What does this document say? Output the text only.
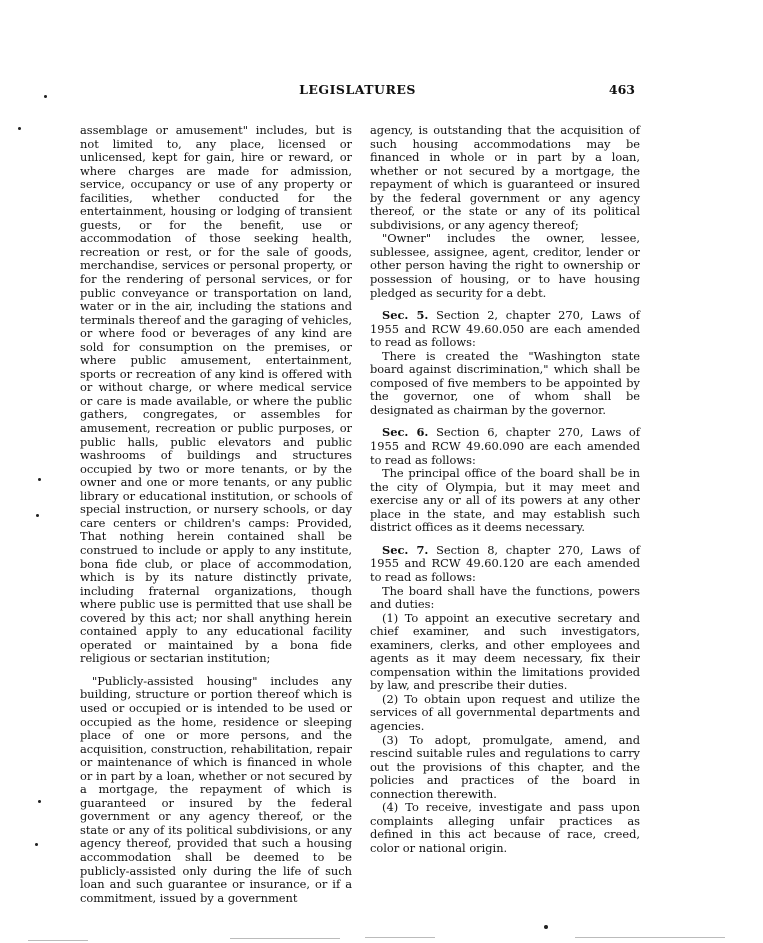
LEGISLATURES	463

assemblage or amusement" includes, but is not limited to, any place, licensed or unlicensed, kept for gain, hire or reward, or where charges are made for admission, service, occupancy or use of any property or facilities, whether conducted for the entertainment, housing or lodging of transient guests, or for the benefit, use or accommodation of those seeking health, recreation or rest, or for the sale of goods, merchandise, services or personal property, or for the rendering of personal services, or for public conveyance or transportation on land, water or in the air, including the stations and terminals thereof and the garaging of vehicles, or where food or beverages of any kind are sold for consumption on the premises, or where public amusement, entertainment, sports or recreation of any kind is offered with or without charge, or where medical service or care is made available, or where the public gathers, congregates, or assembles for amusement, recreation or public purposes, or public halls, public elevators and public washrooms of buildings and structures occupied by two or more tenants, or by the owner and one or more tenants, or any public library or educational institution, or schools of special instruction, or nursery schools, or day care centers or children's camps: Provided, That nothing herein contained shall be construed to include or apply to any institute, bona fide club, or place of accommodation, which is by its nature distinctly private, including fraternal organizations, though where public use is permitted that use shall be covered by this act; nor shall anything herein contained apply to any educational facility operated or maintained by a bona fide religious or sectarian institution;

"Publicly-assisted housing" includes any building, structure or portion thereof which is used or occupied or is intended to be used or occupied as the home, residence or sleeping place of one or more persons, and the acquisition, construction, rehabilitation, repair or maintenance of which is financed in whole or in part by a loan, whether or not secured by a mortgage, the repayment of which is guaranteed or insured by the federal government or any agency thereof, or the state or any of its political subdivisions, or any agency thereof, provided that such a housing accommodation shall be deemed to be publicly-assisted only during the life of such loan and such guarantee or insurance, or if a commitment, issued by a government

agency, is outstanding that the acquisition of such housing accommodations may be financed in whole or in part by a loan, whether or not secured by a mortgage, the repayment of which is guaranteed or insured by the federal government or any agency thereof, or the state or any of its political subdivisions, or any agency thereof;

"Owner" includes the owner, lessee, sublessee, assignee, agent, creditor, lender or other person having the right to ownership or possession of housing, or to have housing pledged as security for a debt.

Sec. 5. Section 2, chapter 270, Laws of 1955 and RCW 49.60.050 are each amended to read as follows:

There is created the "Washington state board against discrimination," which shall be composed of five members to be appointed by the governor, one of whom shall be designated as chairman by the governor.

Sec. 6. Section 6, chapter 270, Laws of 1955 and RCW 49.60.090 are each amended to read as follows:

The principal office of the board shall be in the city of Olympia, but it may meet and exercise any or all of its powers at any other place in the state, and may establish such district offices as it deems necessary.

Sec. 7. Section 8, chapter 270, Laws of 1955 and RCW 49.60.120 are each amended to read as follows:

The board shall have the functions, powers and duties:

(1) To appoint an executive secretary and chief examiner, and such investigators, examiners, clerks, and other employees and agents as it may deem necessary, fix their compensation within the limitations provided by law, and prescribe their duties.

(2) To obtain upon request and utilize the services of all governmental departments and agencies.

(3) To adopt, promulgate, amend, and rescind suitable rules and regulations to carry out the provisions of this chapter, and the policies and practices of the board in connection therewith.

(4) To receive, investigate and pass upon complaints alleging unfair practices as defined in this act because of race, creed, color or national origin.
